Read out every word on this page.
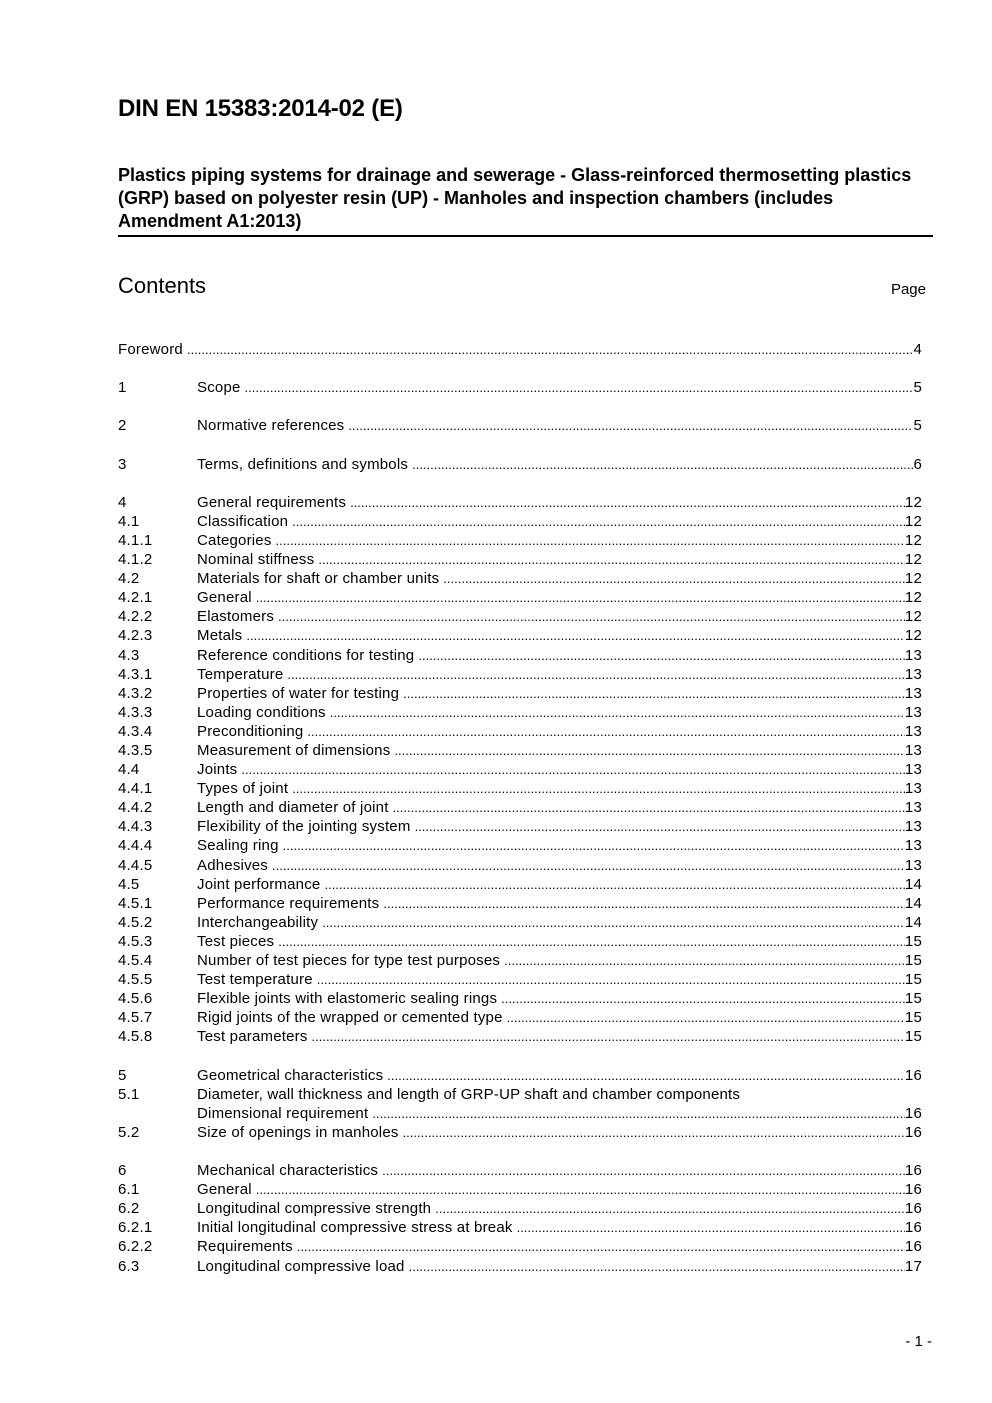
DIN EN 15383:2014-02 (E)
Plastics piping systems for drainage and sewerage - Glass-reinforced thermosetting plastics (GRP) based on polyester resin (UP) - Manholes and inspection chambers (includes Amendment A1:2013)
Contents	Page
Foreword .....	4
1	Scope .....	5
2	Normative references .....	5
3	Terms, definitions and symbols .....	6
4	General requirements .....	12
4.1	Classification .....	12
4.1.1	Categories .....	12
4.1.2	Nominal stiffness .....	12
4.2	Materials for shaft or chamber units .....	12
4.2.1	General .....	12
4.2.2	Elastomers .....	12
4.2.3	Metals .....	12
4.3	Reference conditions for testing .....	13
4.3.1	Temperature .....	13
4.3.2	Properties of water for testing .....	13
4.3.3	Loading conditions .....	13
4.3.4	Preconditioning .....	13
4.3.5	Measurement of dimensions .....	13
4.4	Joints .....	13
4.4.1	Types of joint .....	13
4.4.2	Length and diameter of joint .....	13
4.4.3	Flexibility of the jointing system .....	13
4.4.4	Sealing ring .....	13
4.4.5	Adhesives .....	13
4.5	Joint performance .....	14
4.5.1	Performance requirements .....	14
4.5.2	Interchangeability .....	14
4.5.3	Test pieces .....	15
4.5.4	Number of test pieces for type test purposes .....	15
4.5.5	Test temperature .....	15
4.5.6	Flexible joints with elastomeric sealing rings .....	15
4.5.7	Rigid joints of the wrapped or cemented type .....	15
4.5.8	Test parameters .....	15
5	Geometrical characteristics .....	16
5.1	Diameter, wall thickness and length of GRP-UP shaft and chamber components
Dimensional requirement .....	16
5.2	Size of openings in manholes .....	16
6	Mechanical characteristics .....	16
6.1	General .....	16
6.2	Longitudinal compressive strength .....	16
6.2.1	Initial longitudinal compressive stress at break .....	16
6.2.2	Requirements .....	16
6.3	Longitudinal compressive load .....	17
- 1 -
